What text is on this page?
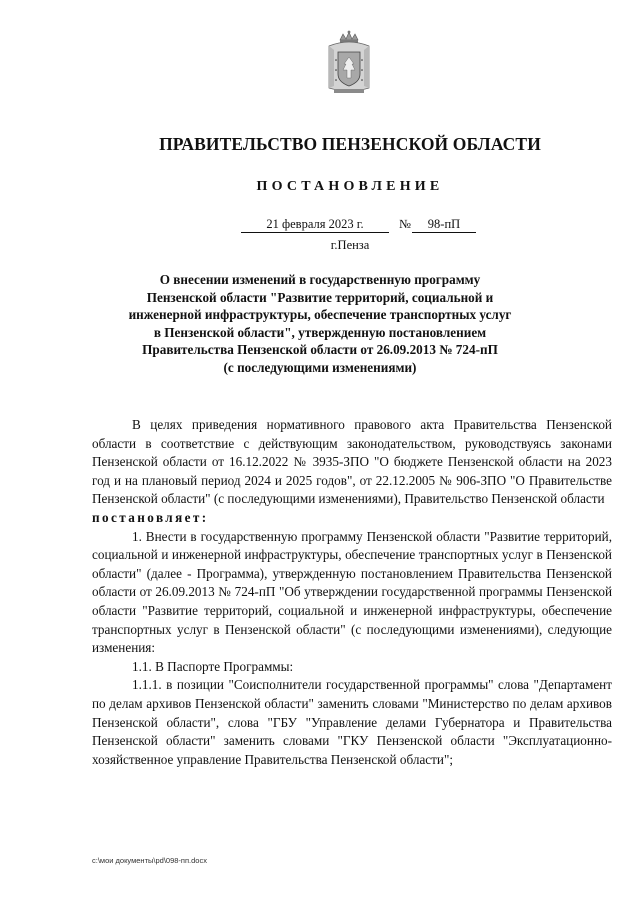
ПРАВИТЕЛЬСТВО ПЕНЗЕНСКОЙ ОБЛАСТИ
ПОСТАНОВЛЕНИЕ
21 февраля 2023 г.	№	98-пП
г.Пенза
О внесении изменений в государственную программу
Пензенской области "Развитие территорий, социальной и
инженерной инфраструктуры, обеспечение транспортных услуг
в Пензенской области", утвержденную постановлением
Правительства Пензенской области от 26.09.2013 № 724-пП
(с последующими изменениями)

В целях приведения нормативного правового акта Правительства Пензенской области в соответствие с действующим законодательством, руководствуясь законами Пензенской области от 16.12.2022 № 3935-ЗПО "О бюджете Пензенской области на 2023 год и на плановый период 2024 и 2025 годов", от 22.12.2005 № 906-ЗПО "О Правительстве Пензенской области" (с последующими изменениями), Правительство Пензенской области

постановляет:

1. Внести в государственную программу Пензенской области "Развитие территорий, социальной и инженерной инфраструктуры, обеспечение транспортных услуг в Пензенской области" (далее - Программа), утвержденную постановлением Правительства Пензенской области от 26.09.2013 № 724-пП "Об утверждении государственной программы Пензенской области "Развитие территорий, социальной и инженерной инфраструктуры, обеспечение транспортных услуг в Пензенской области" (с последующими изменениями), следующие изменения:

1.1. В Паспорте Программы:

1.1.1. в позиции "Соисполнители государственной программы" слова "Департамент по делам архивов Пензенской области" заменить словами "Министерство по делам архивов Пензенской области", слова "ГБУ "Управление делами Губернатора и Правительства Пензенской области" заменить словами "ГКУ Пензенской области "Эксплуатационно-хозяйственное управление Правительства Пензенской области";

c:\мои документы\pd\098-пп.docx
